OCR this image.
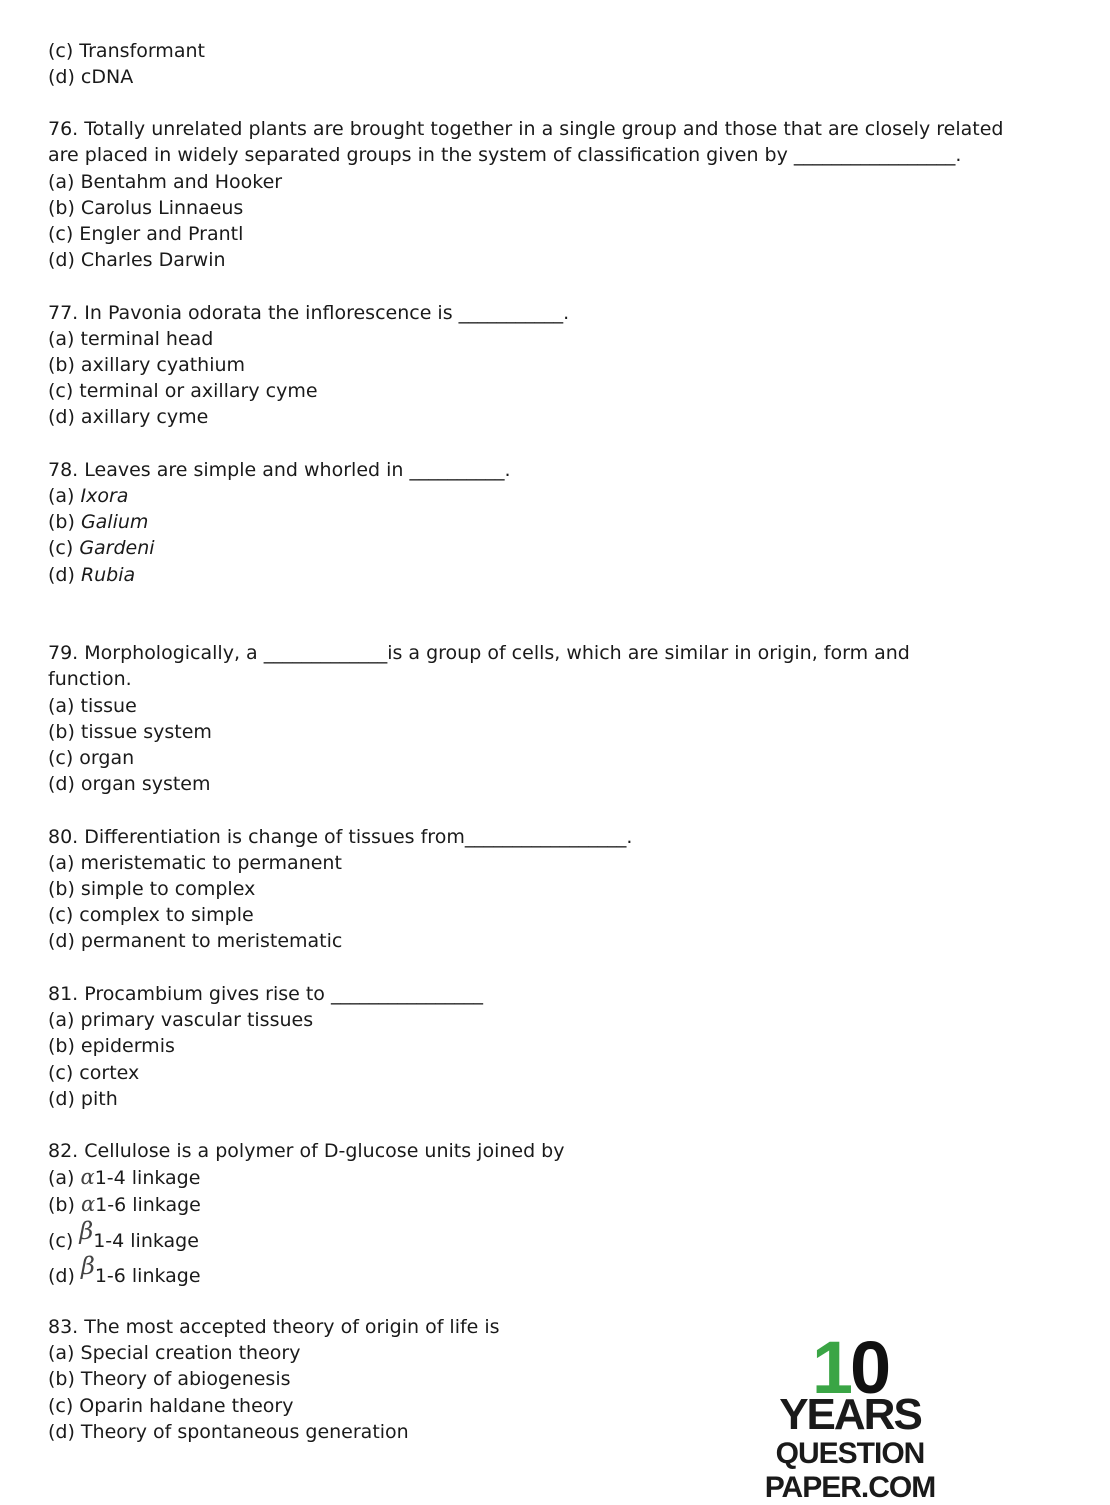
(c) Transformant
(d) cDNA
76. Totally unrelated plants are brought together in a single group and those that are closely related
are placed in widely separated groups in the system of classification given by _________________.
(a) Bentahm and Hooker
(b) Carolus Linnaeus
(c) Engler and Prantl
(d) Charles Darwin
77. In Pavonia odorata the inflorescence is ___________.
(a) terminal head
(b) axillary cyathium
(c) terminal or axillary cyme
(d) axillary cyme
78. Leaves are simple and whorled in __________.
(a) Ixora
(b) Galium
(c) Gardeni
(d) Rubia
79. Morphologically, a _____________is a group of cells, which are similar in origin, form and
function.
(a) tissue
(b) tissue system
(c) organ
(d) organ system
80. Differentiation is change of tissues from_________________.
(a) meristematic to permanent
(b) simple to complex
(c) complex to simple
(d) permanent to meristematic
81. Procambium gives rise to ________________
(a) primary vascular tissues
(b) epidermis
(c) cortex
(d) pith
82. Cellulose is a polymer of D-glucose units joined by
(a) α1-4 linkage
(b) α1-6 linkage
(c) β1-4 linkage
(d) β1-6 linkage
83. The most accepted theory of origin of life is
(a) Special creation theory
(b) Theory of abiogenesis
(c) Oparin haldane theory
(d) Theory of spontaneous generation
10
YEARS
QUESTION PAPER.COM
